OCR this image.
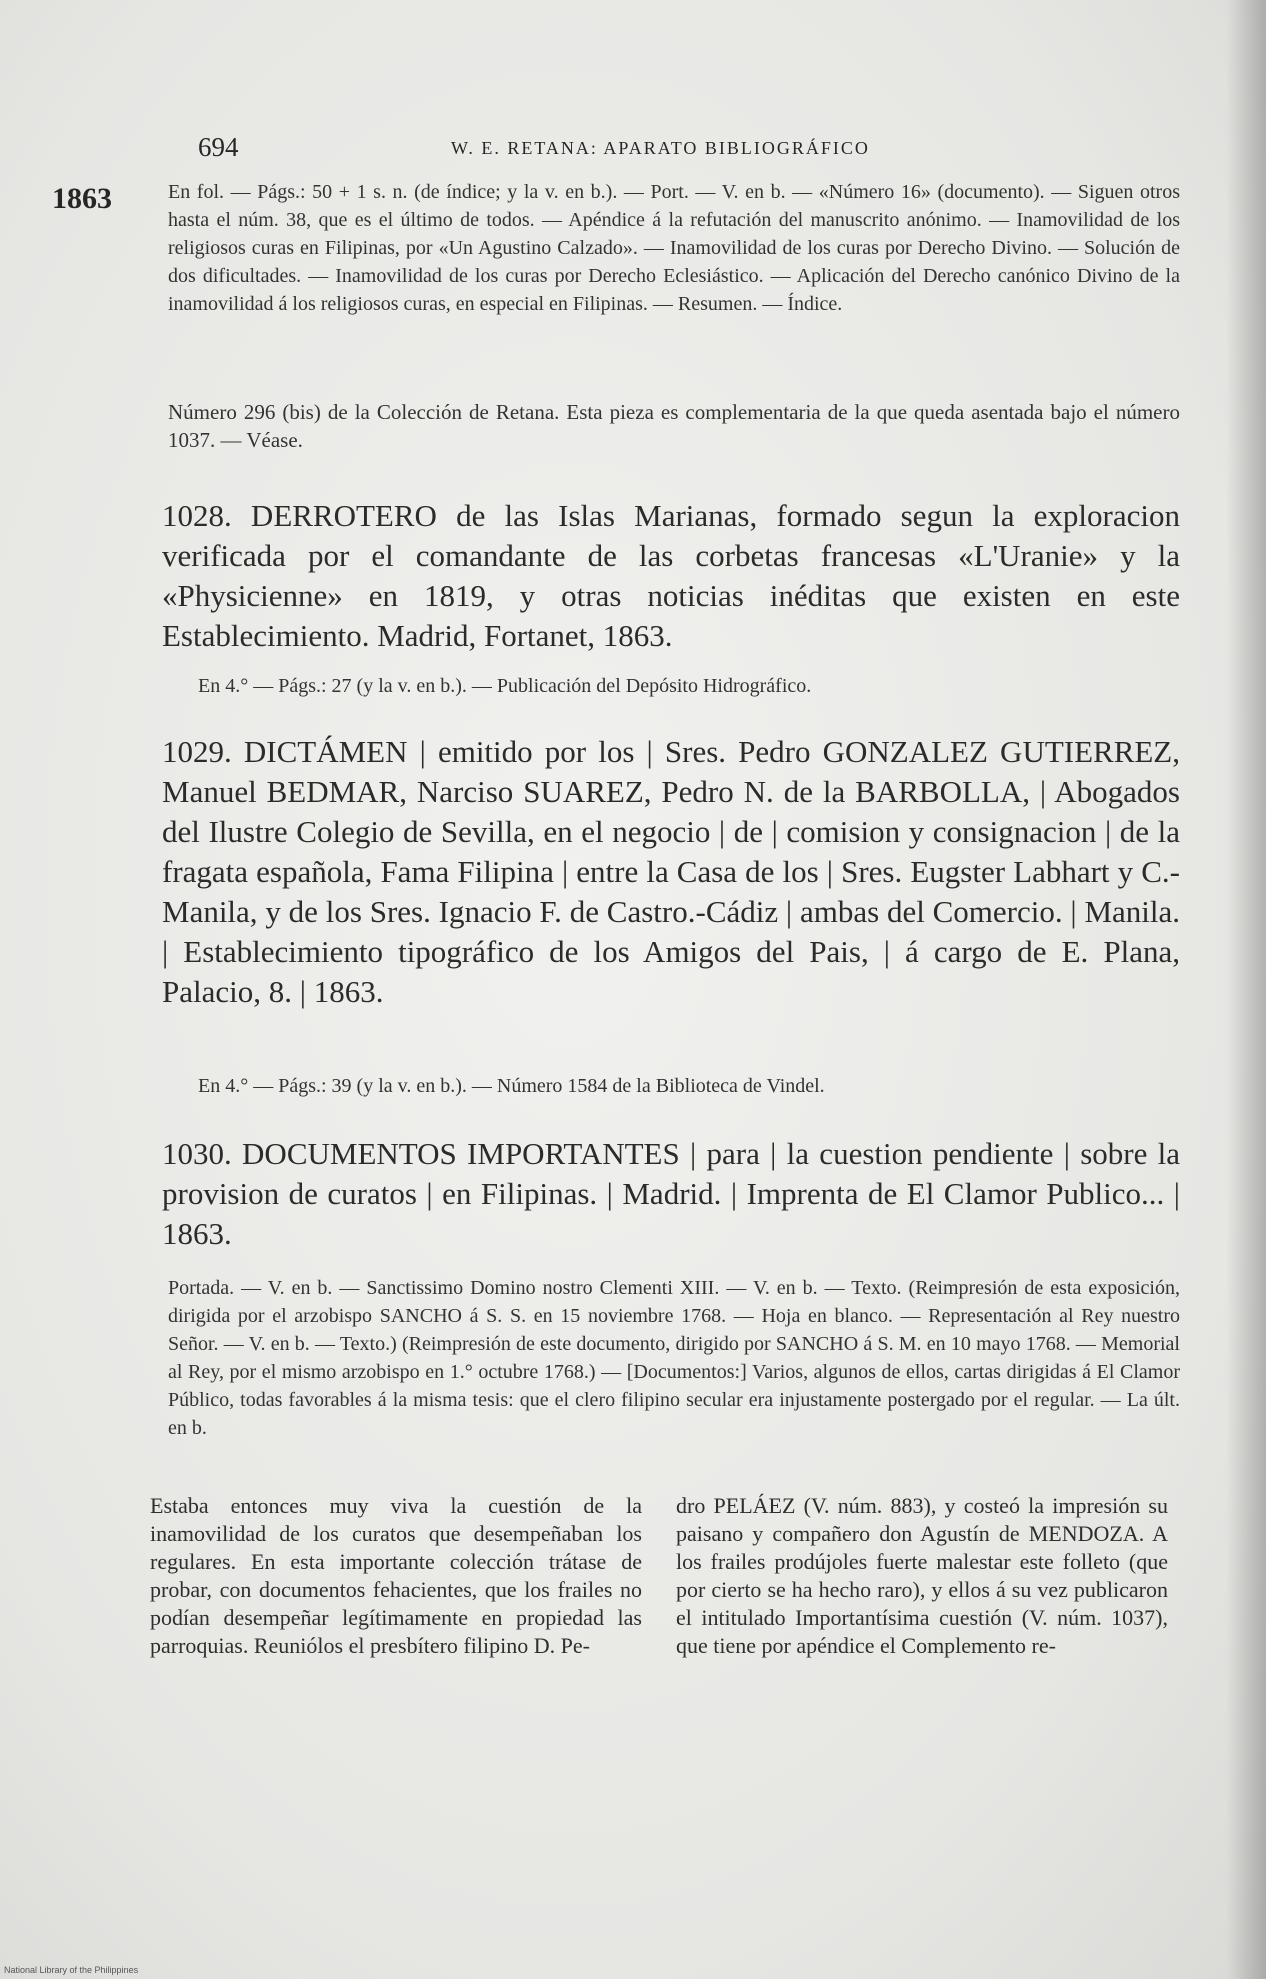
694	W. E. RETANA: APARATO BIBLIOGRÁFICO
1863	En fol. — Págs.: 50 + 1 s. n. (de índice; y la v. en b.). — Port. — V. en b. — «Número 16» (documento). — Siguen otros hasta el núm. 38, que es el último de todos. — Apéndice á la refutación del manuscrito anónimo. — Inamovilidad de los religiosos curas en Filipinas, por «Un Agustino Calzado». — Inamovilidad de los curas por Derecho Divino. — Solución de dos dificultades. — Inamovilidad de los curas por Derecho Eclesiástico. — Aplicación del Derecho canónico Divino de la inamovilidad á los religiosos curas, en especial en Filipinas. — Resumen. — Índice.
Número 296 (bis) de la Colección de Retana. Esta pieza es complementaria de la que queda asentada bajo el número 1037. — Véase.
1028. DERROTERO de las Islas Marianas, formado segun la exploracion verificada por el comandante de las corbetas francesas «L'Uranie» y la «Physicienne» en 1819, y otras noticias inéditas que existen en este Establecimiento. Madrid, Fortanet, 1863.
En 4.° — Págs.: 27 (y la v. en b.). — Publicación del Depósito Hidrográfico.
1029. DICTÁMEN | emitido por los | Sres. Pedro GONZALEZ GUTIERREZ, Manuel BEDMAR, Narciso SUAREZ, Pedro N. de la BARBOLLA, | Abogados del Ilustre Colegio de Sevilla, en el negocio | de | comision y consignacion | de la fragata española, Fama Filipina | entre la Casa de los | Sres. Eugster Labhart y C.-Manila, y de los Sres. Ignacio F. de Castro.-Cádiz | ambas del Comercio. | Manila. | Establecimiento tipográfico de los Amigos del Pais, | á cargo de E. Plana, Palacio, 8. | 1863.
En 4.° — Págs.: 39 (y la v. en b.). — Número 1584 de la Biblioteca de Vindel.
1030. DOCUMENTOS IMPORTANTES | para | la cuestion pendiente | sobre la provision de curatos | en Filipinas. | Madrid. | Imprenta de El Clamor Publico... | 1863.
Portada. — V. en b. — Sanctissimo Domino nostro Clementi XIII. — V. en b. — Texto. (Reimpresión de esta exposición, dirigida por el arzobispo SANCHO á S. S. en 15 noviembre 1768. — Hoja en blanco. — Representación al Rey nuestro Señor. — V. en b. — Texto.) (Reimpresión de este documento, dirigido por SANCHO á S. M. en 10 mayo 1768. — Memorial al Rey, por el mismo arzobispo en 1.° octubre 1768.) — [Documentos:] Varios, algunos de ellos, cartas dirigidas á El Clamor Público, todas favorables á la misma tesis: que el clero filipino secular era injustamente postergado por el regular. — La últ. en b.
Estaba entonces muy viva la cuestión de la inamovilidad de los curatos que desempeñaban los regulares. En esta importante colección trátase de probar, con documentos fehacientes, que los frailes no podían desempeñar legítimamente en propiedad las parroquias. Reuniólos el presbítero filipino D. Pe-
dro PELÁEZ (V. núm. 883), y costeó la impresión su paisano y compañero don Agustín de MENDOZA. A los frailes prodújoles fuerte malestar este folleto (que por cierto se ha hecho raro), y ellos á su vez publicaron el intitulado Importantísima cuestión (V. núm. 1037), que tiene por apéndice el Complemento re-
National Library of the Philippines
